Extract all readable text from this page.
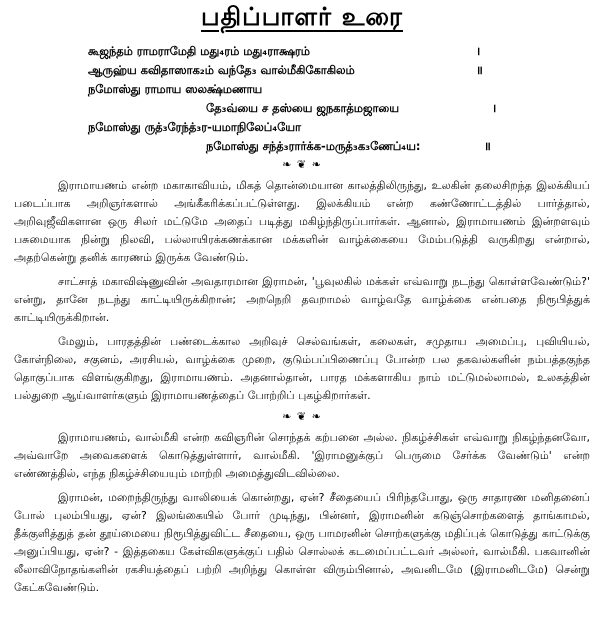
பதிப்பாளர் உரை
கூஜந்தம் ராமராமேதி மது₄ரம் மது₄ராக்ஷரம்	।
ஆருஹ்ய கவிதாஸாக₂ம் வந்தே₃ வால்மீகிகோகிலம்	॥
நமோஸ்து ராமாய ஸலக்ஷ்மணாய
தே₃வ்யை ச தஸ்யை ஜநகாத்மஜாயை	।
நமோஸ்து ருத்₃ரேந்த்₃ர-யமாநிலேப்₄யோ
நமோஸ்து சந்த்₃ரார்க்க-மருத்₃க₃ணேப்₄ய:	॥
❧ ❦ ❧

இராமாயணம் என்ற மகாகாவியம், மிகத் தொன்மையான காலத்திலிருந்து, உலகின் தலைசிறந்த இலக்கியப் படைப்பாக அறிஞர்களால் அங்கீகரிக்கப்பட்டுள்ளது. இலக்கியம் என்ற கண்ணோட்டத்தில் பார்த்தால், அறிவுஜீவிகளான ஒரு சிலர் மட்டுமே அதைப் படித்து மகிழ்ந்திருப்பார்கள். ஆனால், இராமாயணம் இன்றளவும் பசுமையாக நின்று நிலவி, பல்லாயிரக்கணக்கான மக்களின் வாழ்க்கையை மேம்படுத்தி வருகிறது என்றால், அதற்கென்று தனிக் காரணம் இருக்க வேண்டும்.

சாட்சாத் மகாவிஷ்ணுவின் அவதாரமான இராமன், 'பூவுலகில் மக்கள் எவ்வாறு நடந்து கொள்ளவேண்டும்?' என்று, தானே நடந்து காட்டியிருக்கிறான்; அறநெறி தவறாமல் வாழ்வதே வாழ்க்கை என்பதை நிரூபித்துக் காட்டியிருக்கிறான்.

மேலும், பாரதத்தின் பண்டைக்கால அறிவுச் செல்வங்கள், கலைகள், சமுதாய அமைப்பு, புவியியல், கோள்நிலை, சகுனம், அரசியல், வாழ்க்கை முறை, குடும்பப்பிணைப்பு போன்ற பல தகவல்களின் நம்பத்தகுந்த தொகுப்பாக விளங்குகிறது, இராமாயணம். அதனால்தான், பாரத மக்களாகிய நாம் மட்டுமல்லாமல், உலகத்தின் பல்துறை ஆய்வாளர்களும் இராமாயணத்தைப் போற்றிப் புகழ்கிறார்கள்.

❧ ❦ ❧

இராமாயணம், வால்மீகி என்ற கவிஞரின் சொந்தக் கற்பனை அல்ல. நிகழ்ச்சிகள் எவ்வாறு நிகழ்ந்தனவோ, அவ்வாறே அவைகளைக் கொடுத்துள்ளார், வால்மீகி. 'இராமனுக்குப் பெருமை சேர்க்க வேண்டும்' என்ற எண்ணத்தில், எந்த நிகழ்ச்சியையும் மாற்றி அமைத்துவிடவில்லை.

இராமன், மறைந்திருந்து வாலியைக் கொன்றது, ஏன்? சீதையைப் பிரிந்தபோது, ஒரு சாதாரண மனிதனைப் போல் புலம்பியது, ஏன்? இலங்கையில் போர் முடிந்து, பின்னர், இராமனின் கடுஞ்சொற்களைத் தாங்காமல், தீக்குளித்துத் தன் தூய்மையை நிரூபித்துவிட்ட சீதையை, ஒரு பாமரனின் சொற்களுக்கு மதிப்புக் கொடுத்து காட்டுக்கு அனுப்பியது, ஏன்? - இத்தகைய கேள்விகளுக்குப் பதில் சொல்லக் கடமைப்பட்டவர் அல்லர், வால்மீகி. பகவானின் லீலாவிநோதங்களின் ரகசியத்தைப் பற்றி அறிந்து கொள்ள விரும்பினால், அவனிடமே (இராமனிடமே) சென்று கேட்கவேண்டும்.
